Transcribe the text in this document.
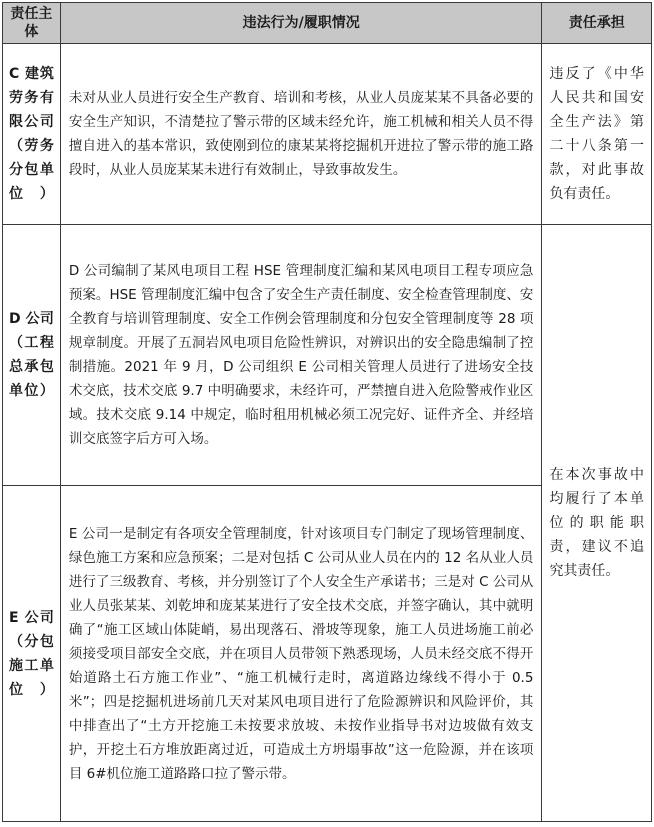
责任主体	违法行为/履职情况	责任承担

C 建筑劳务有限公司（劳务分包单位）	未对从业人员进行安全生产教育、培训和考核，从业人员庞某某不具备必要的安全生产知识，不清楚拉了警示带的区域未经允许，施工机械和相关人员不得擅自进入的基本常识，致使刚到位的康某某将挖掘机开进拉了警示带的施工路段时，从业人员庞某某未进行有效制止，导致事故发生。	违反了《中华人民共和国安全生产法》第二十八条第一款，对此事故负有责任。

D 公司（工程总承包单位）	D 公司编制了某风电项目工程 HSE 管理制度汇编和某风电项目工程专项应急预案。HSE 管理制度汇编中包含了安全生产责任制度、安全检查管理制度、安全教育与培训管理制度、安全工作例会管理制度和分包安全管理制度等 28 项规章制度。开展了五洞岩风电项目危险性辨识，对辨识出的安全隐患编制了控制措施。2021 年 9 月，D 公司组织 E 公司相关管理人员进行了进场安全技术交底，技术交底 9.7 中明确要求，未经许可，严禁擅自进入危险警戒作业区域。技术交底 9.14 中规定，临时租用机械必须工况完好、证件齐全、并经培训交底签字后方可入场。	在本次事故中均履行了本单位的职能职责，建议不追究其责任。

E 公司（分包施工单位）	E 公司一是制定有各项安全管理制度，针对该项目专门制定了现场管理制度、绿色施工方案和应急预案；二是对包括 C 公司从业人员在内的 12 名从业人员进行了三级教育、考核，并分别签订了个人安全生产承诺书；三是对 C 公司从业人员张某某、刘乾坤和庞某某进行了安全技术交底，并签字确认，其中就明确了“施工区域山体陡峭，易出现落石、滑坡等现象，施工人员进场施工前必须接受项目部安全交底，并在项目人员带领下熟悉现场，人员未经交底不得开始道路土石方施工作业”、“施工机械行走时，离道路边缘线不得小于 0.5 米”；四是挖掘机进场前几天对某风电项目进行了危险源辨识和风险评价，其中排查出了“土方开挖施工未按要求放坡、未按作业指导书对边坡做有效支护，开挖土石方堆放距离过近，可造成土方坍塌事故”这一危险源，并在该项目 6#机位施工道路路口拉了警示带。	
